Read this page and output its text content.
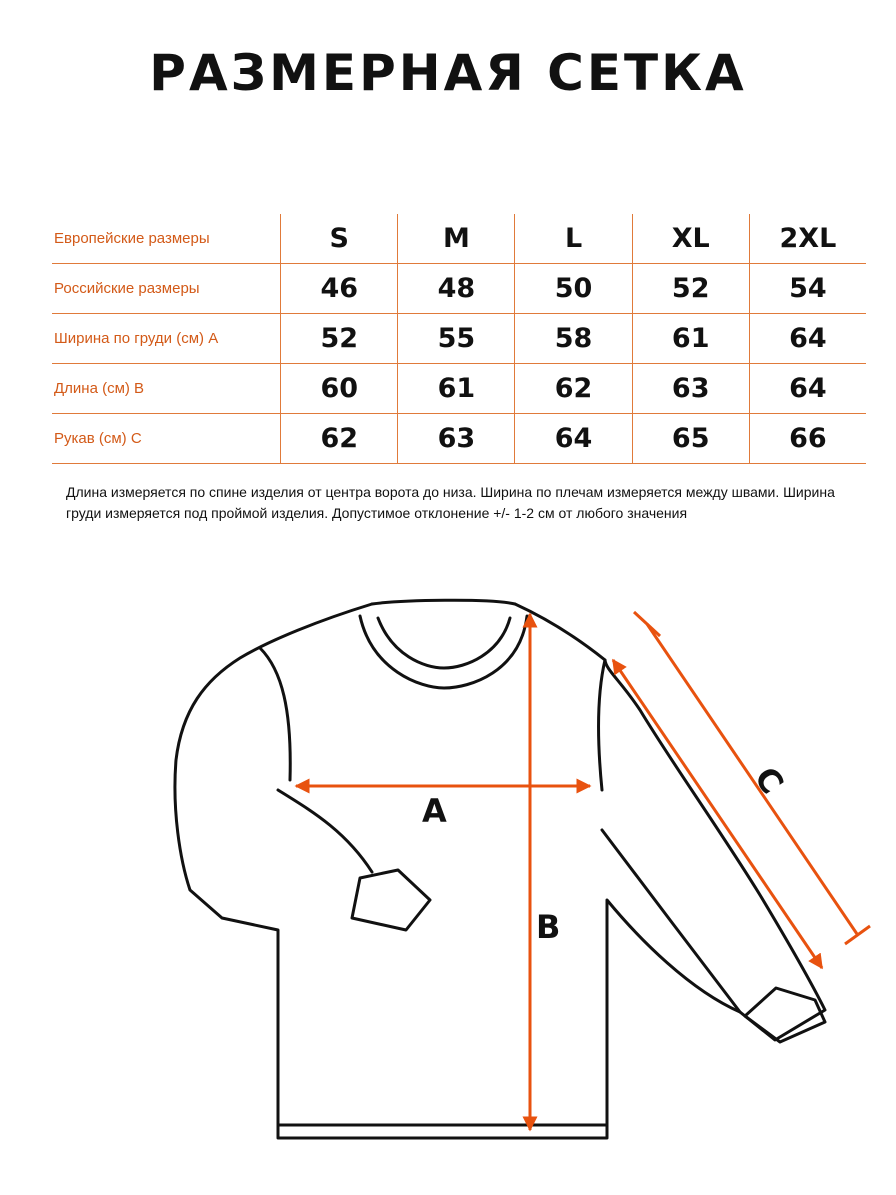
РАЗМЕРНАЯ СЕТКА
Европейские размеры	S	M	L	XL	2XL
Российские размеры	46	48	50	52	54
Ширина по груди (см) А	52	55	58	61	64
Длина (см) В	60	61	62	63	64
Рукав (см) С	62	63	64	65	66
Длина измеряется по спине изделия от центра ворота до низа. Ширина по плечам измеряется между швами. Ширина груди измеряется под проймой изделия. Допустимое отклонение +/- 1-2 см от любого значения
A
B
C
